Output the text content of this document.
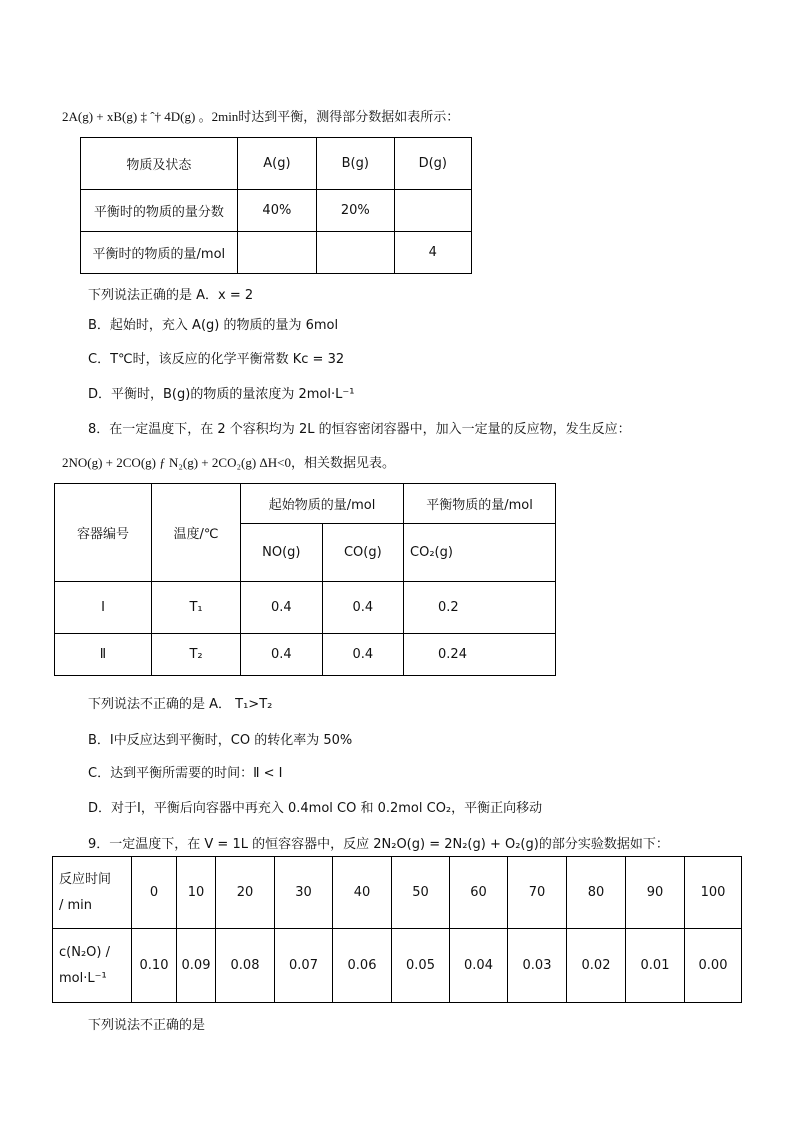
2A(g) + xB(g) ‡ ˆ† 4D(g) 。2min时达到平衡，测得部分数据如表所示：
物质及状态	A(g)	B(g)	D(g)
平衡时的物质的量分数	40%	20%	
平衡时的物质的量/mol			4
下列说法正确的是 A．x = 2
B．起始时，充入 A(g) 的物质的量为 6mol
C．T℃时，该反应的化学平衡常数 Kc = 32
D．平衡时，B(g)的物质的量浓度为 2mol·L⁻¹
8．在一定温度下，在 2 个容积均为 2L 的恒容密闭容器中，加入一定量的反应物，发生反应：
2NO(g) + 2CO(g) ƒ N₂(g) + 2CO₂(g) ΔH<0，相关数据见表。
容器编号	温度/℃	起始物质的量/mol		平衡物质的量/mol
		NO(g)	CO(g)	CO₂(g)
Ⅰ	T₁	0.4	0.4	0.2
Ⅱ	T₂	0.4	0.4	0.24
下列说法不正确的是 A． T₁>T₂
B．Ⅰ中反应达到平衡时，CO 的转化率为 50%
C．达到平衡所需要的时间：Ⅱ < Ⅰ
D．对于Ⅰ，平衡后向容器中再充入 0.4mol CO 和 0.2mol CO₂，平衡正向移动
9．一定温度下，在 V = 1L 的恒容容器中，反应 2N₂O(g) = 2N₂(g) + O₂(g)的部分实验数据如下：
反应时间
/ min	0	10	20	30	40	50	60	70	80	90	100

c(N₂O) /
mol·L⁻¹	0.10	0.09	0.08	0.07	0.06	0.05	0.04	0.03	0.02	0.01	0.00
下列说法不正确的是
